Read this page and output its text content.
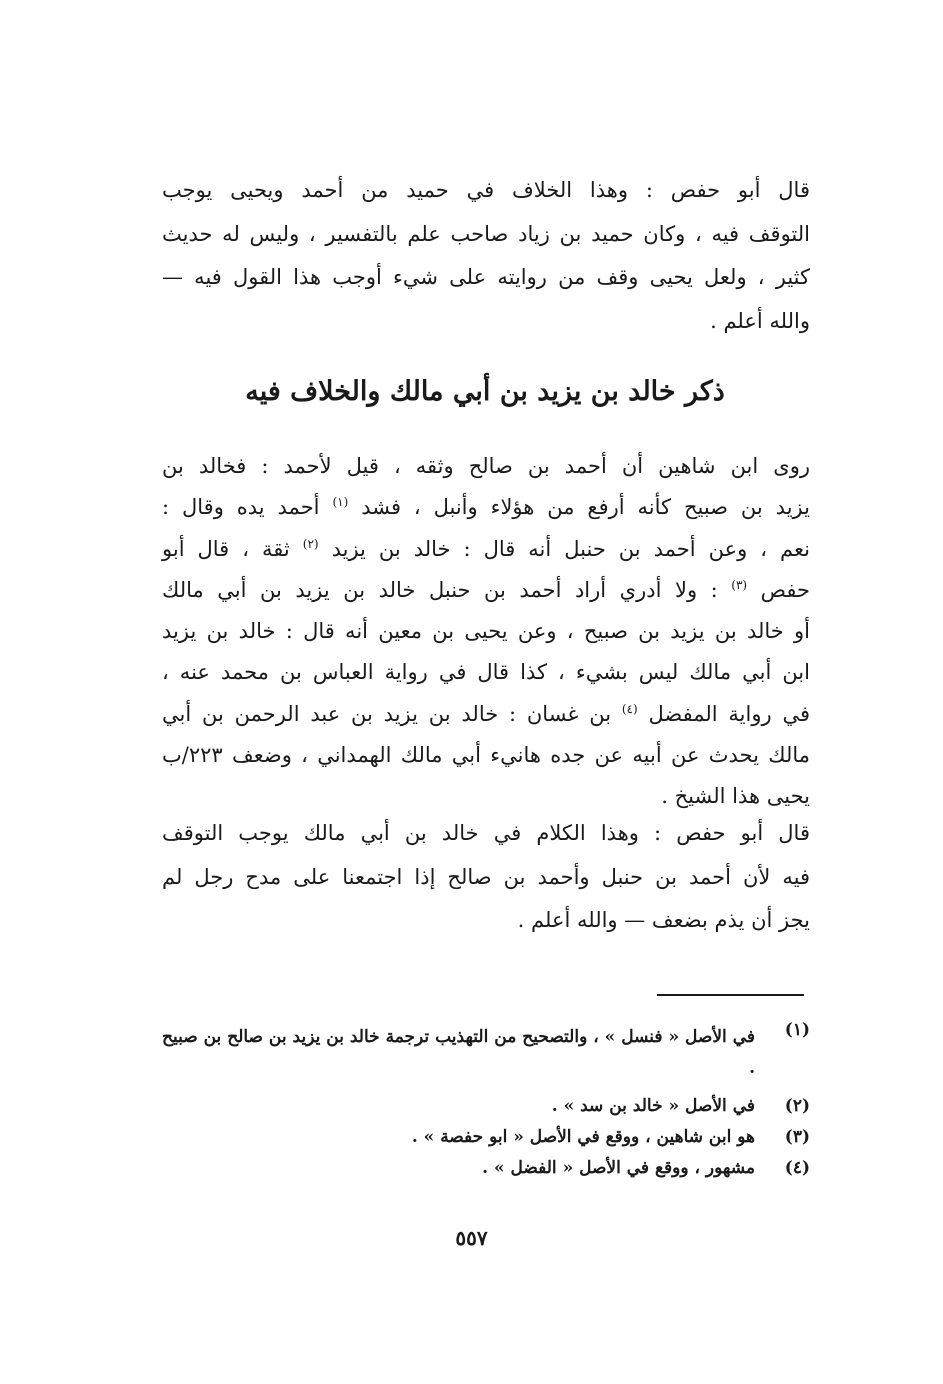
قال أبو حفص : وهذا الخلاف في حميد من أحمد ويحيى يوجب
التوقف فيه ، وكان حميد بن زياد صاحب علم بالتفسير ، وليس له حديث
كثير ، ولعل يحيى وقف من روايته على شيء أوجب هذا القول فيه —
والله أعلم .
ذكر خالد بن يزيد بن أبي مالك والخلاف فيه
روى ابن شاهين أن أحمد بن صالح وثقه ، قيل لأحمد : فخالد بن
يزيد بن صبيح كأنه أرفع من هؤلاء وأنبل ، فشد $^{(١)}$ أحمد يده وقال :
نعم ، وعن أحمد بن حنبل أنه قال : خالد بن يزيد $^{(٢)}$ ثقة ، قال أبو
حفص $^{(٣)}$ : ولا أدري أراد أحمد بن حنبل خالد بن يزيد بن أبي مالك
أو خالد بن يزيد بن صبيح ، وعن يحيى بن معين أنه قال : خالد بن يزيد
ابن أبي مالك ليس بشيء ، كذا قال في رواية العباس بن محمد عنه ،
في رواية المفضل $^{(٤)}$ بن غسان : خالد بن يزيد بن عبد الرحمن بن أبي
مالك يحدث عن أبيه عن جده هانيء أبي مالك الهمداني ، وضعف ٢٢٣/ب
يحيى هذا الشيخ .
قال أبو حفص : وهذا الكلام في خالد بن أبي مالك يوجب التوقف
فيه لأن أحمد بن حنبل وأحمد بن صالح إذا اجتمعنا على مدح رجل لم
يجز أن يذم بضعف — والله أعلم .
(١)
في الأصل « فنسل » ، والتصحيح من التهذيب ترجمة خالد بن يزيد بن صالح بن صبيح .
(٢)
في الأصل « خالد بن سد » .
(٣)
هو ابن شاهين ، ووقع في الأصل « ابو حفصة » .
(٤)
مشهور ، ووقع في الأصل « الفضل » .
٥٥٧
